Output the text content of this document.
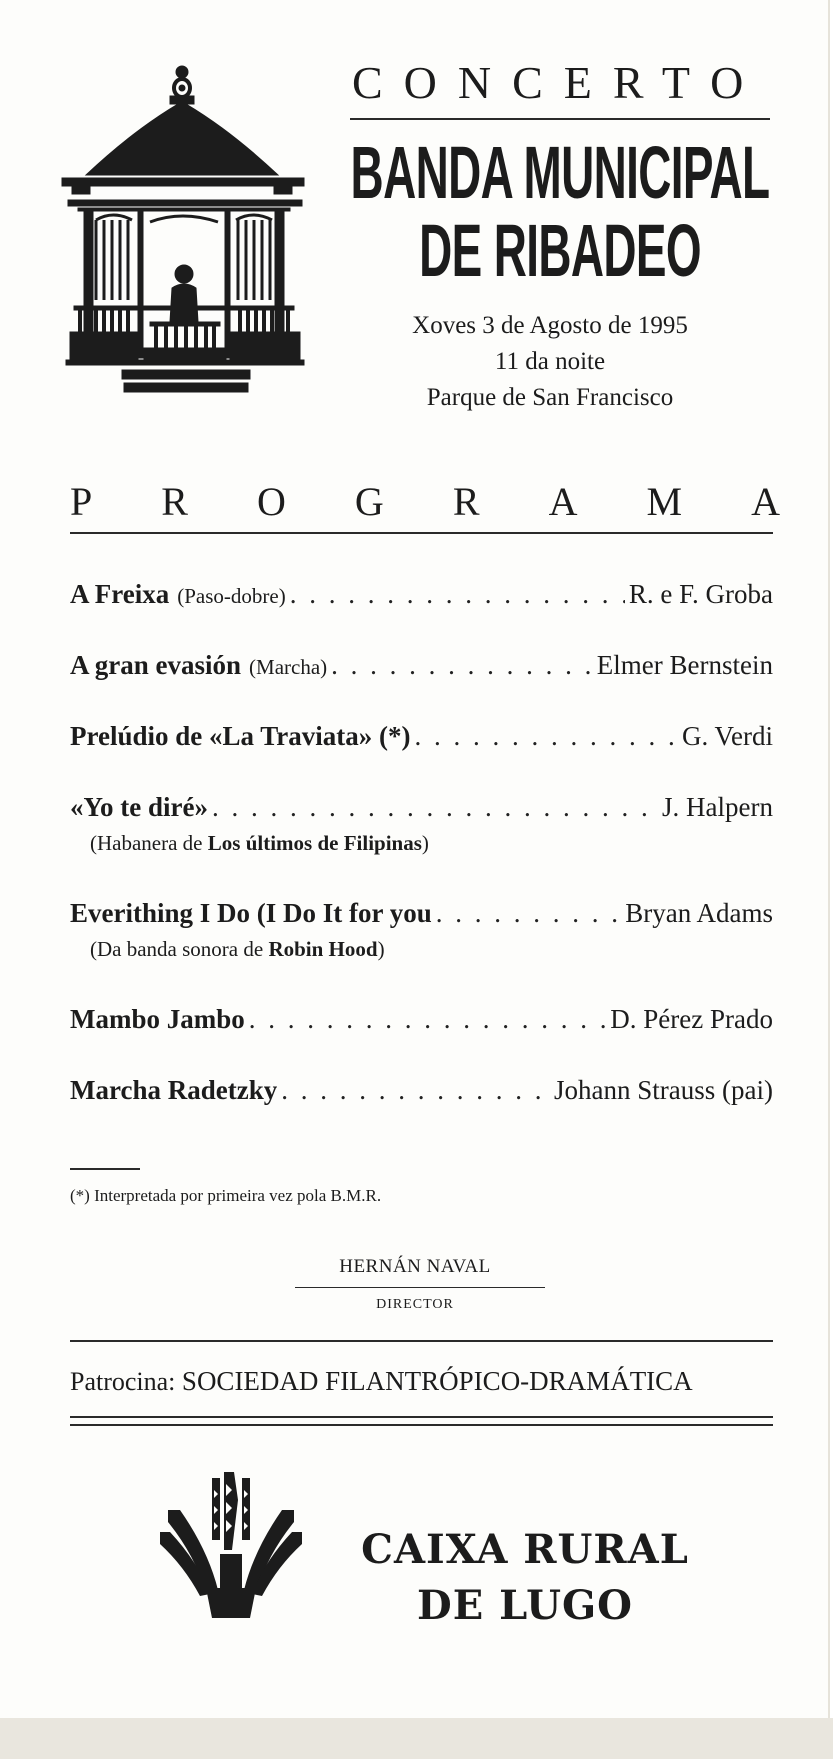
CONCERTO
BANDA MUNICIPAL
DE RIBADEO
Xoves 3 de Agosto de 1995
11 da noite
Parque de San Francisco
P R O G R A M A
A Freixa (Paso-dobre) . . .	R. e F. Groba
A gran evasión (Marcha) . . .	Elmer Bernstein
Prelúdio de «La Traviata» (*) . . .	G. Verdi
«Yo te diré» . . .	J. Halpern
(Habanera de Los últimos de Filipinas)
Everithing I Do (I Do It for you . . .	Bryan Adams
(Da banda sonora de Robin Hood)
Mambo Jambo . . .	D. Pérez Prado
Marcha Radetzky . . .	Johann Strauss (pai)
(*) Interpretada por primeira vez pola B.M.R.
HERNÁN NAVAL
DIRECTOR
Patrocina: SOCIEDAD FILANTRÓPICO-DRAMÁTICA
CAIXA RURAL
DE LUGO
